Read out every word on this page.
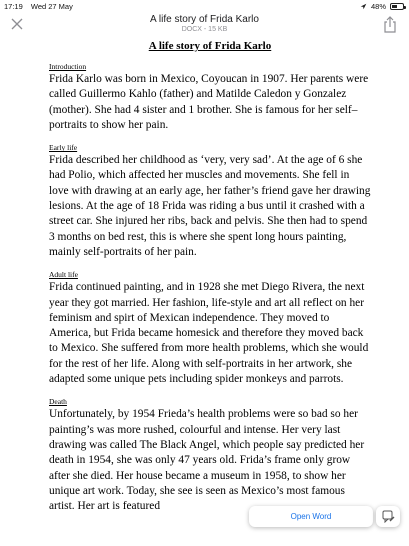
17:19 Wed 27 May	48%
A life story of Frida Karlo
DOCX - 15 KB
A life story of Frida Karlo
Introduction
Frida Karlo was born in Mexico, Coyoucan in 1907. Her parents were called Guillermo Kahlo (father) and Matilde Caledon y Gonzalez (mother). She had 4 sister and 1 brother. She is famous for her self–portraits to show her pain.
Early life
Frida described her childhood as ‘very, very sad’. At the age of 6 she had Polio, which affected her muscles and movements. She fell in love with drawing at an early age, her father’s friend gave her drawing lesions. At the age of 18 Frida was riding a bus until it crashed with a street car. She injured her ribs, back and pelvis. She then had to spend 3 months on bed rest, this is where she spent long hours painting, mainly self-portraits of her pain.
Adult life
Frida continued painting, and in 1928 she met Diego Rivera, the next year they got married. Her fashion, life-style and art all reflect on her feminism and spirt of Mexican independence. They moved to America, but Frida became homesick and therefore they moved back to Mexico. She suffered from more health problems, which she would for the rest of her life. Along with self-portraits in her artwork, she adapted some unique pets including spider monkeys and parrots.
Death
Unfortunately, by 1954 Frieda’s health problems were so bad so her painting’s was more rushed, colourful and intense. Her very last drawing was called The Black Angel, which people say predicted her death in 1954, she was only 47 years old. Frida’s frame only grow after she died. Her house became a museum in 1958, to show her unique art work. Today, she see is seen as Mexico’s most famous artist. Her art is featured
Open Word
